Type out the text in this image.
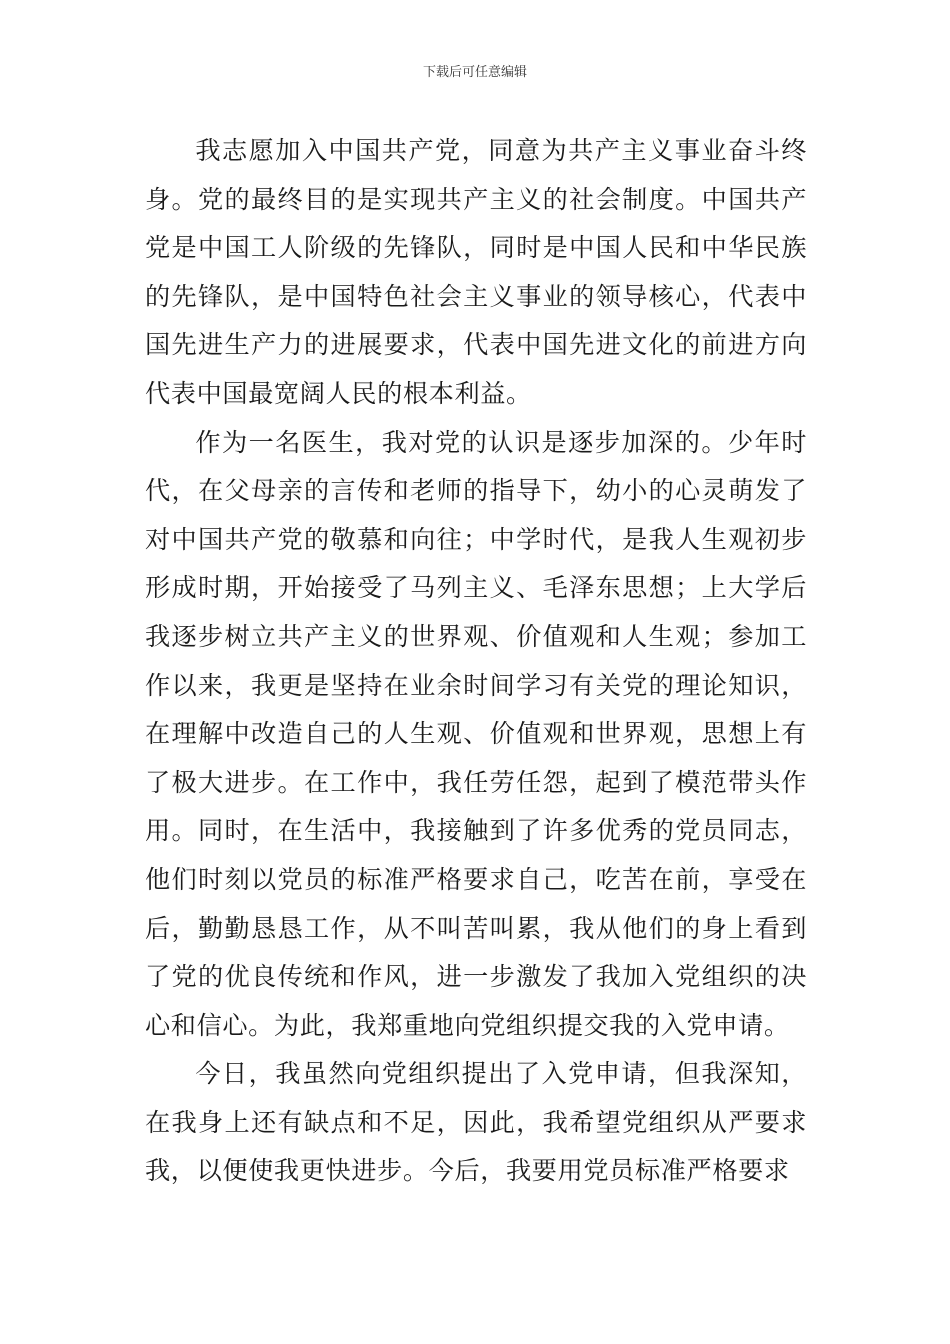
下载后可任意编辑

我志愿加入中国共产党，同意为共产主义事业奋斗终身。党的最终目的是实现共产主义的社会制度。中国共产党是中国工人阶级的先锋队，同时是中国人民和中华民族的先锋队，是中国特色社会主义事业的领导核心，代表中国先进生产力的进展要求，代表中国先进文化的前进方向代表中国最宽阔人民的根本利益。

作为一名医生，我对党的认识是逐步加深的。少年时代，在父母亲的言传和老师的指导下，幼小的心灵萌发了对中国共产党的敬慕和向往；中学时代，是我人生观初步形成时期，开始接受了马列主义、毛泽东思想；上大学后我逐步树立共产主义的世界观、价值观和人生观；参加工作以来，我更是坚持在业余时间学习有关党的理论知识，在理解中改造自己的人生观、价值观和世界观，思想上有了极大进步。在工作中，我任劳任怨，起到了模范带头作用。同时，在生活中，我接触到了许多优秀的党员同志，他们时刻以党员的标准严格要求自己，吃苦在前，享受在后，勤勤恳恳工作，从不叫苦叫累，我从他们的身上看到了党的优良传统和作风，进一步激发了我加入党组织的决心和信心。为此，我郑重地向党组织提交我的入党申请。

今日，我虽然向党组织提出了入党申请，但我深知，在我身上还有缺点和不足，因此，我希望党组织从严要求我，以便使我更快进步。今后，我要用党员标准严格要求
